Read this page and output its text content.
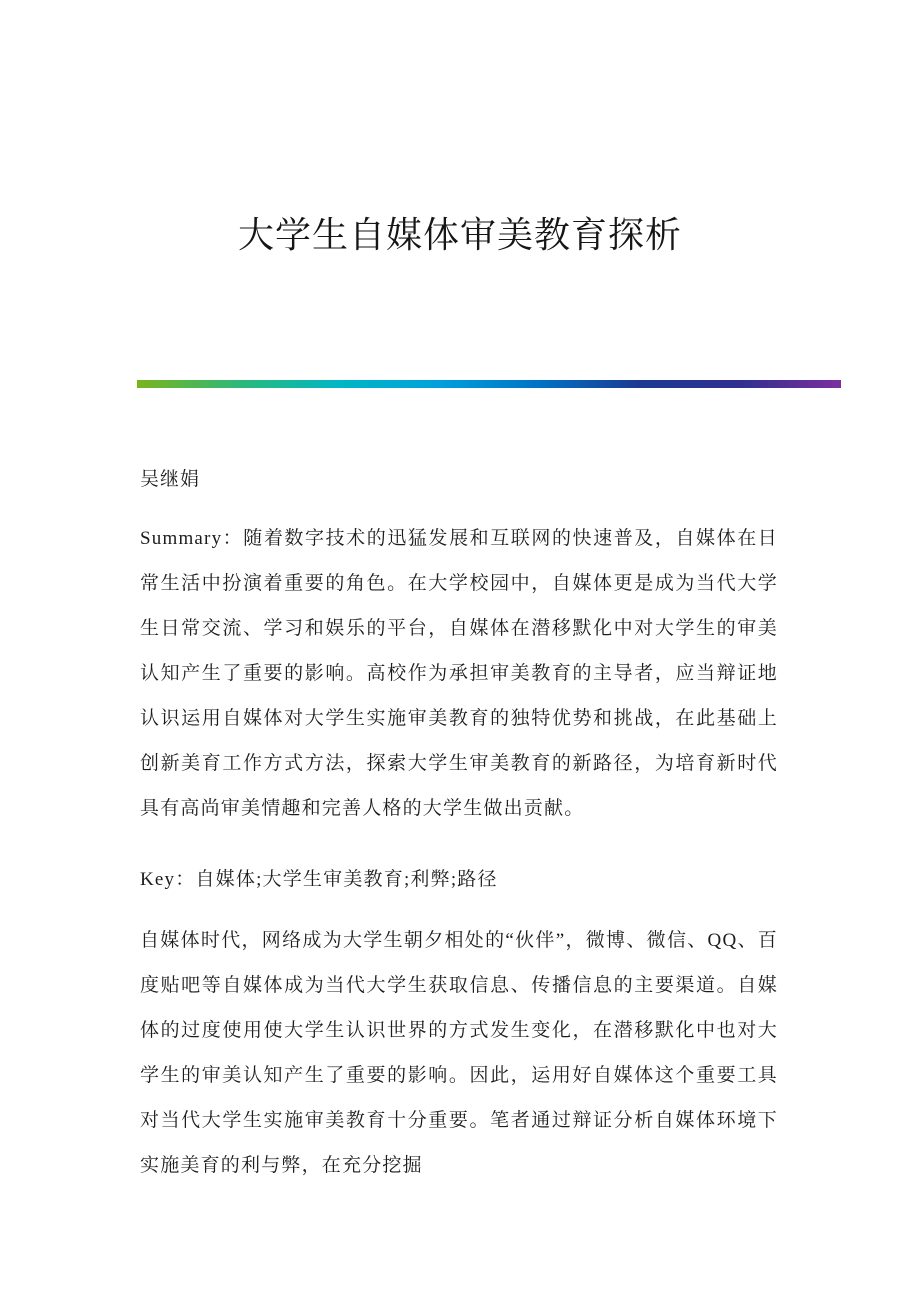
大学生自媒体审美教育探析

吴继娟

Summary：随着数字技术的迅猛发展和互联网的快速普及，自媒体在日常生活中扮演着重要的角色。在大学校园中，自媒体更是成为当代大学生日常交流、学习和娱乐的平台，自媒体在潜移默化中对大学生的审美认知产生了重要的影响。高校作为承担审美教育的主导者，应当辩证地认识运用自媒体对大学生实施审美教育的独特优势和挑战，在此基础上创新美育工作方式方法，探索大学生审美教育的新路径，为培育新时代具有高尚审美情趣和完善人格的大学生做出贡献。

Key：自媒体;大学生审美教育;利弊;路径

自媒体时代，网络成为大学生朝夕相处的“伙伴”，微博、微信、QQ、百度贴吧等自媒体成为当代大学生获取信息、传播信息的主要渠道。自媒体的过度使用使大学生认识世界的方式发生变化，在潜移默化中也对大学生的审美认知产生了重要的影响。因此，运用好自媒体这个重要工具对当代大学生实施审美教育十分重要。笔者通过辩证分析自媒体环境下实施美育的利与弊，在充分挖掘
